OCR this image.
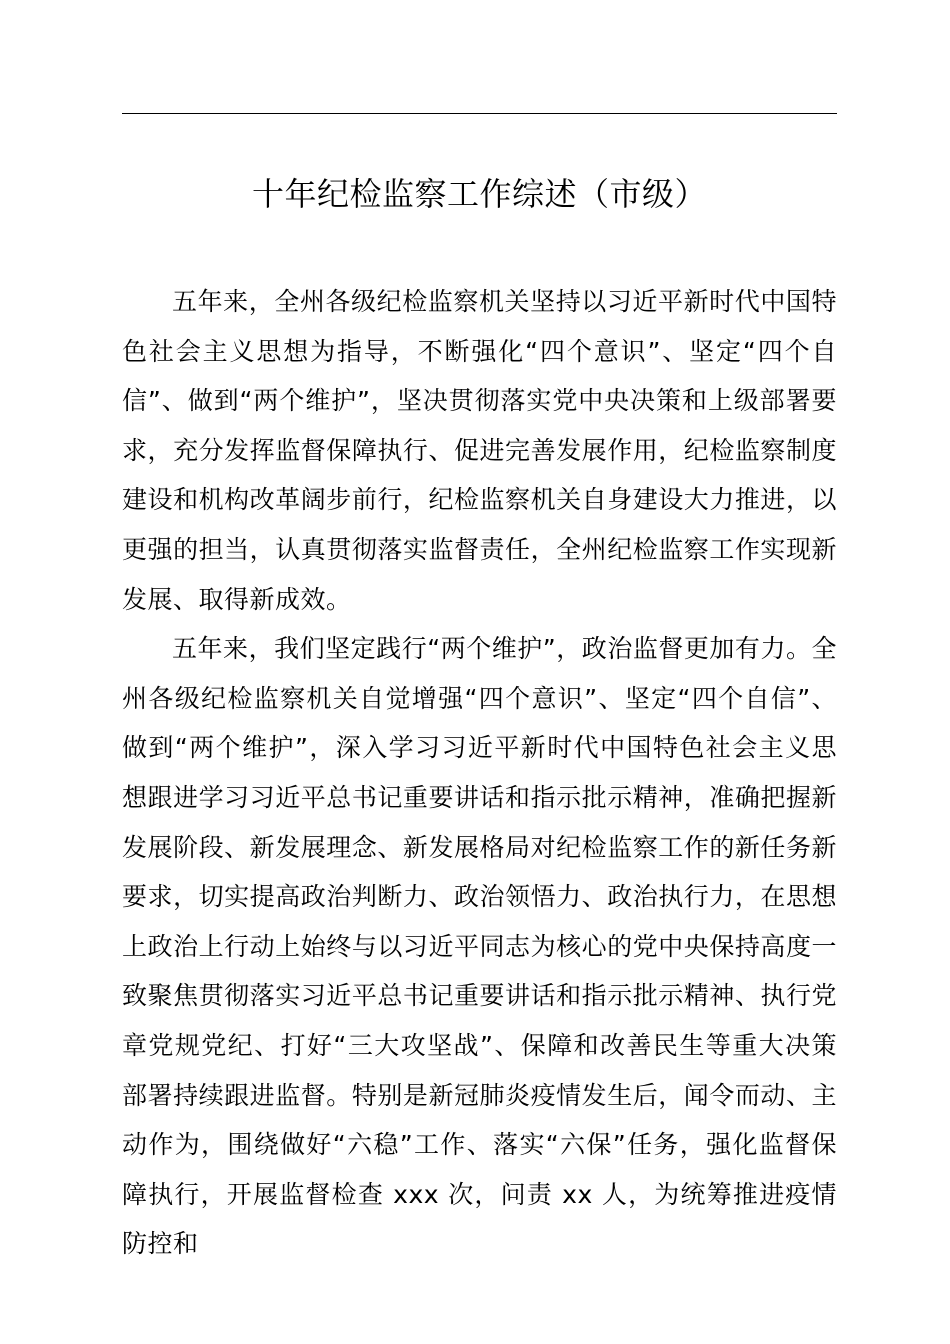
十年纪检监察工作综述（市级）

五年来，全州各级纪检监察机关坚持以习近平新时代中国特色社会主义思想为指导，不断强化“四个意识”、坚定“四个自信”、做到“两个维护”，坚决贯彻落实党中央决策和上级部署要求，充分发挥监督保障执行、促进完善发展作用，纪检监察制度建设和机构改革阔步前行，纪检监察机关自身建设大力推进，以更强的担当，认真贯彻落实监督责任，全州纪检监察工作实现新发展、取得新成效。

五年来，我们坚定践行“两个维护”，政治监督更加有力。全州各级纪检监察机关自觉增强“四个意识”、坚定“四个自信”、做到“两个维护”，深入学习习近平新时代中国特色社会主义思想跟进学习习近平总书记重要讲话和指示批示精神，准确把握新发展阶段、新发展理念、新发展格局对纪检监察工作的新任务新要求，切实提高政治判断力、政治领悟力、政治执行力，在思想上政治上行动上始终与以习近平同志为核心的党中央保持高度一致聚焦贯彻落实习近平总书记重要讲话和指示批示精神、执行党章党规党纪、打好“三大攻坚战”、保障和改善民生等重大决策部署持续跟进监督。特别是新冠肺炎疫情发生后，闻令而动、主动作为，围绕做好“六稳”工作、落实“六保”任务，强化监督保障执行，开展监督检查 xxx 次，问责 xx 人，为统筹推进疫情防控和
